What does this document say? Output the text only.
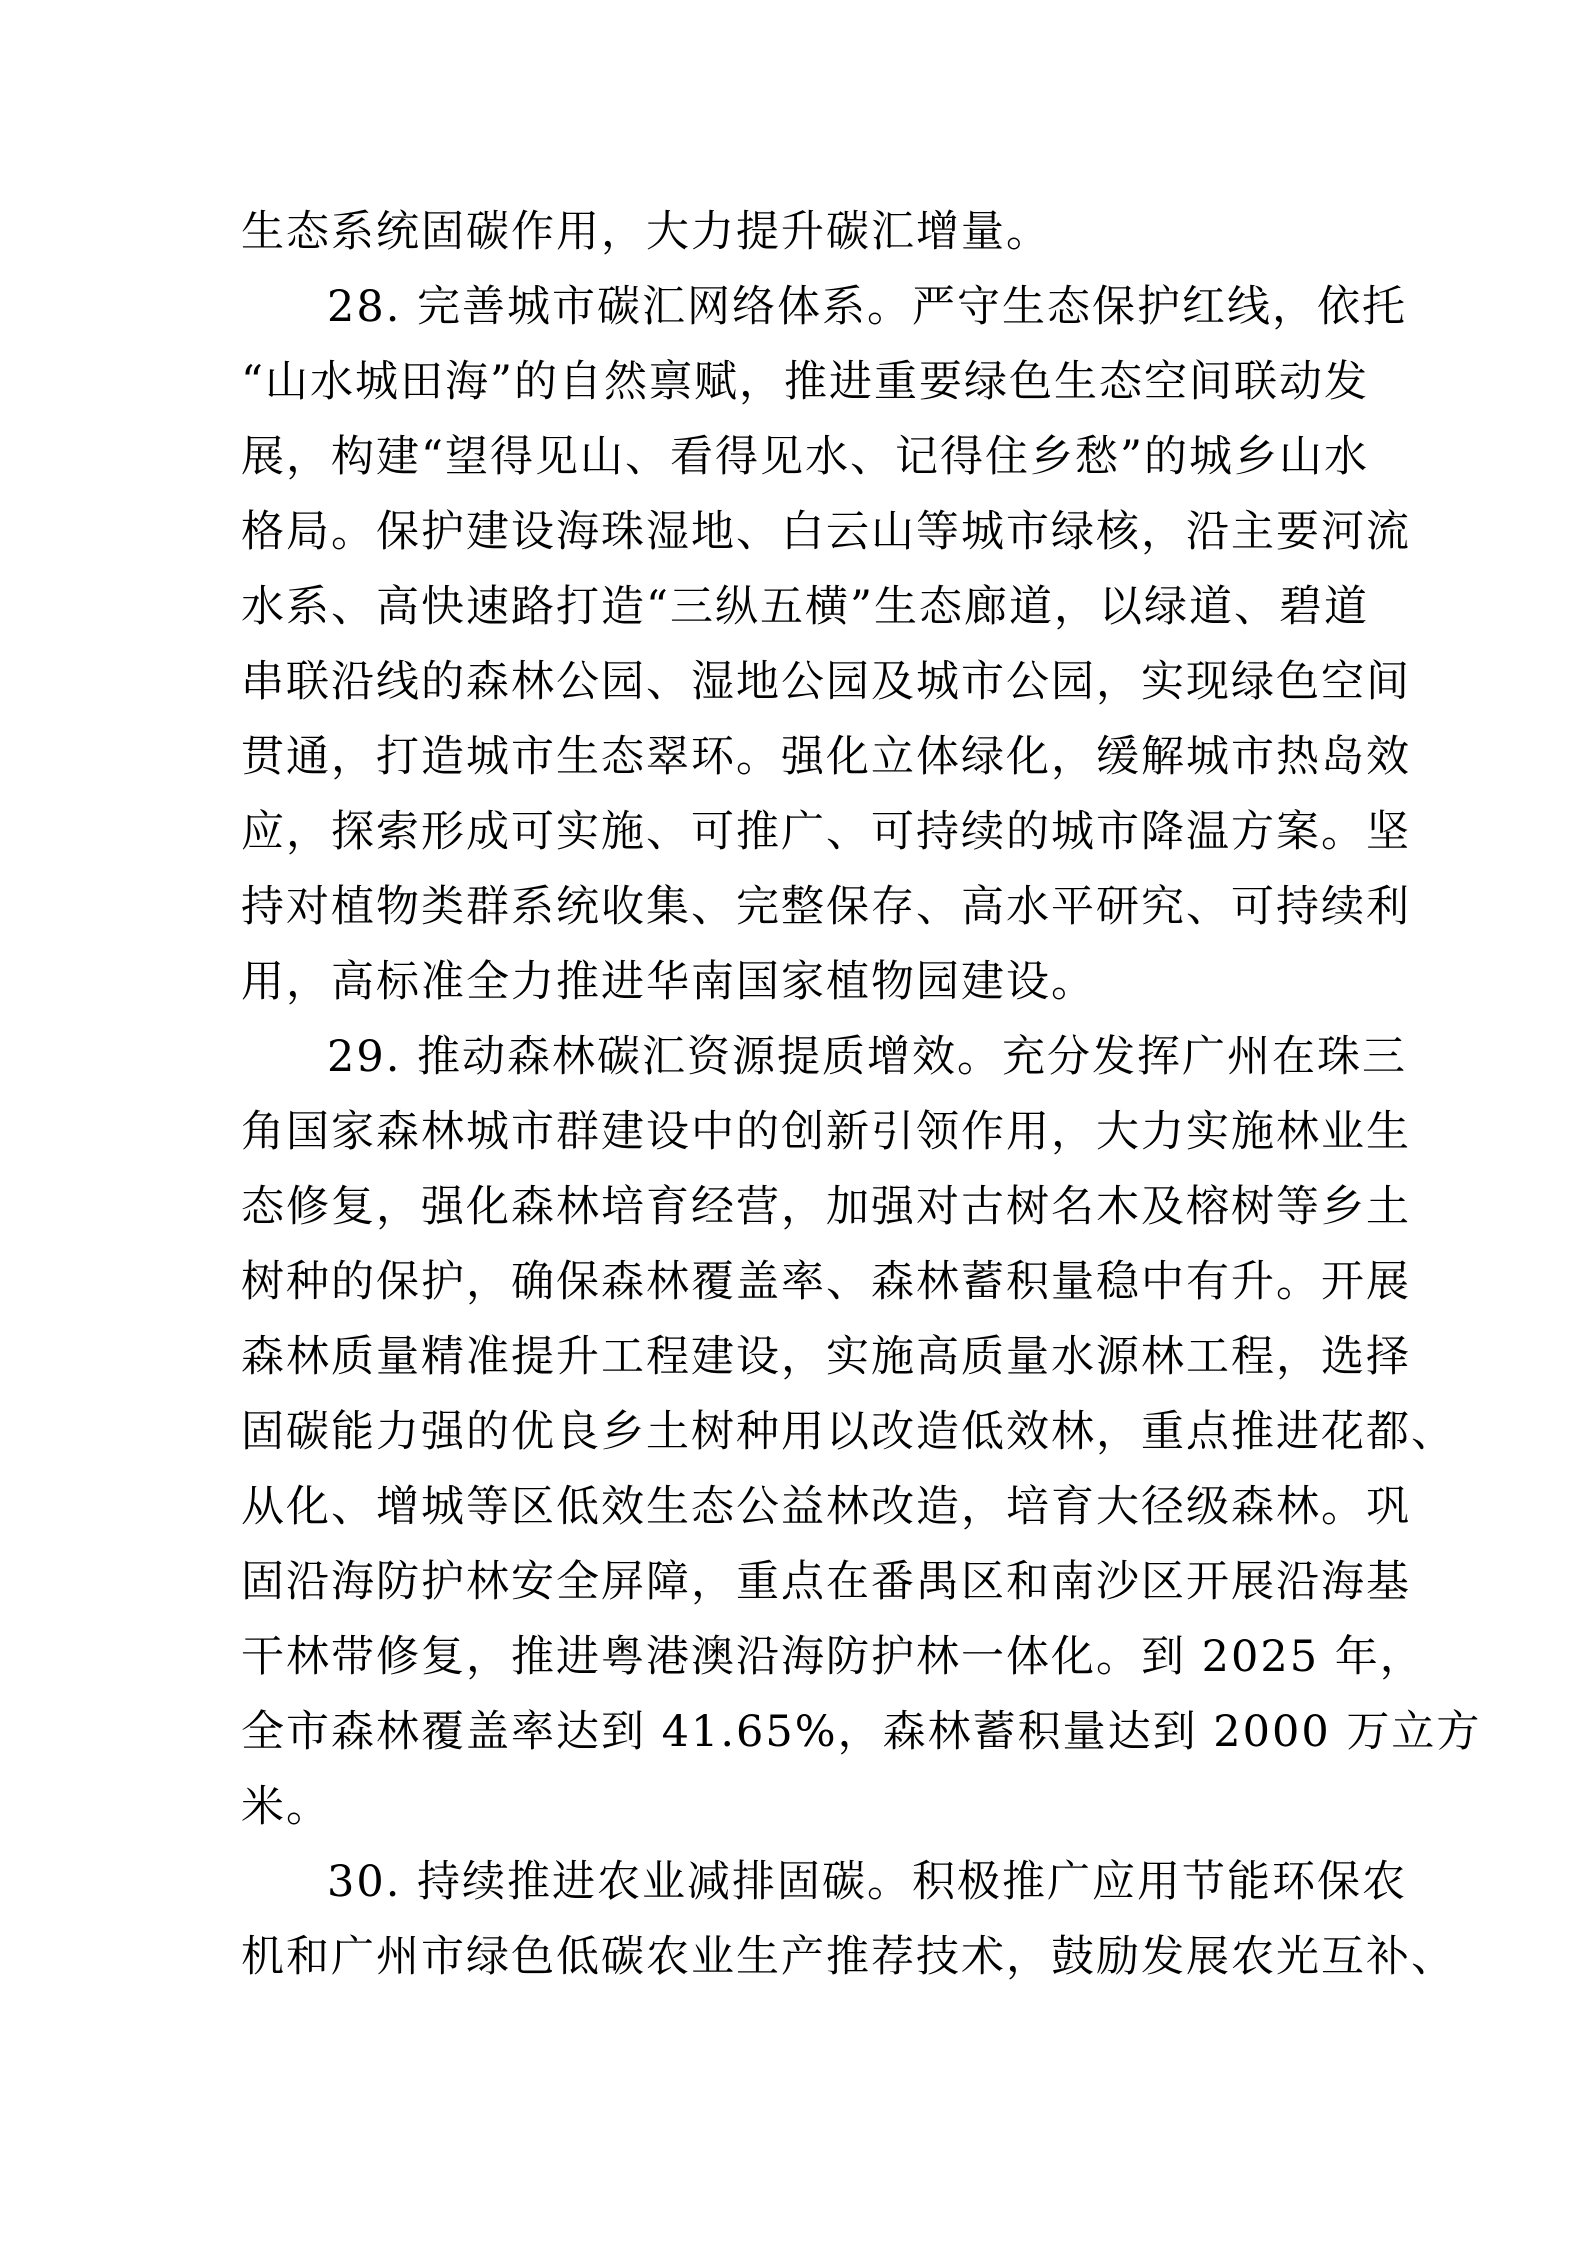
生态系统固碳作用，大力提升碳汇增量。
28. 完善城市碳汇网络体系。严守生态保护红线，依托
“山水城田海”的自然禀赋，推进重要绿色生态空间联动发
展，构建“望得见山、看得见水、记得住乡愁”的城乡山水
格局。保护建设海珠湿地、白云山等城市绿核，沿主要河流
水系、高快速路打造“三纵五横”生态廊道，以绿道、碧道
串联沿线的森林公园、湿地公园及城市公园，实现绿色空间
贯通，打造城市生态翠环。强化立体绿化，缓解城市热岛效
应，探索形成可实施、可推广、可持续的城市降温方案。坚
持对植物类群系统收集、完整保存、高水平研究、可持续利
用，高标准全力推进华南国家植物园建设。
29. 推动森林碳汇资源提质增效。充分发挥广州在珠三
角国家森林城市群建设中的创新引领作用，大力实施林业生
态修复，强化森林培育经营，加强对古树名木及榕树等乡土
树种的保护，确保森林覆盖率、森林蓄积量稳中有升。开展
森林质量精准提升工程建设，实施高质量水源林工程，选择
固碳能力强的优良乡土树种用以改造低效林，重点推进花都、
从化、增城等区低效生态公益林改造，培育大径级森林。巩
固沿海防护林安全屏障，重点在番禺区和南沙区开展沿海基
干林带修复，推进粤港澳沿海防护林一体化。到 2025 年，
全市森林覆盖率达到 41.65%，森林蓄积量达到 2000 万立方
米。
30. 持续推进农业减排固碳。积极推广应用节能环保农
机和广州市绿色低碳农业生产推荐技术，鼓励发展农光互补、
